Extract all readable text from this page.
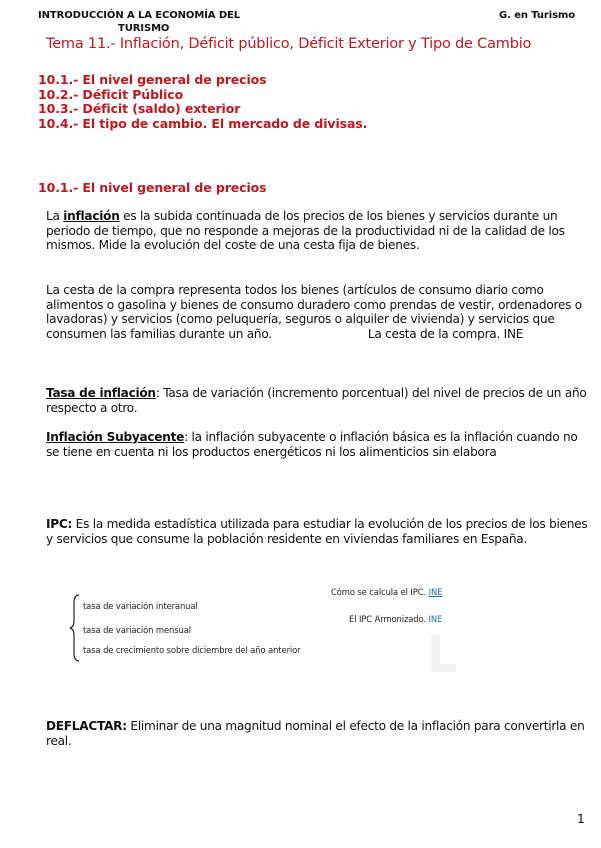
INTRODUCCIÓN A LA ECONOMÍA DEL
TURISMO
G. en Turismo
Tema 11.- Inflación, Déficit público, Déficit Exterior y Tipo de Cambio
10.1.- El nivel general de precios
10.2.- Déficit Público
10.3.- Déficit (saldo) exterior
10.4.- El tipo de cambio. El mercado de divisas.
10.1.- El nivel general de precios
La inflación es la subida continuada de los precios de los bienes y servicios durante un periodo de tiempo, que no responde a mejoras de la productividad ni de la calidad de los mismos. Mide la evolución del coste de una cesta fija de bienes.
La cesta de la compra representa todos los bienes (artículos de consumo diario como alimentos o gasolina y bienes de consumo duradero como prendas de vestir, ordenadores o lavadoras) y servicios (como peluquería, seguros o alquiler de vivienda) y servicios que consumen las familias durante un año.	La cesta de la compra. INE
Tasa de inflación: Tasa de variación (incremento porcentual) del nivel de precios de un año respecto a otro.
Inflación Subyacente: la inflación subyacente o inflación básica es la inflación cuando no se tiene en cuenta ni los productos energéticos ni los alimenticios sin elabora
IPC: Es la medida estadística utilizada para estudiar la evolución de los precios de los bienes y servicios que consume la población residente en viviendas familiares en España.
tasa de variación interanual
tasa de variación mensual
tasa de crecimiento sobre diciembre del año anterior
Cómo se calcula el IPC. INE
El IPC Armonizado. INE
DEFLACTAR: Eliminar de una magnitud nominal el efecto de la inflación para convertirla en real.
1
